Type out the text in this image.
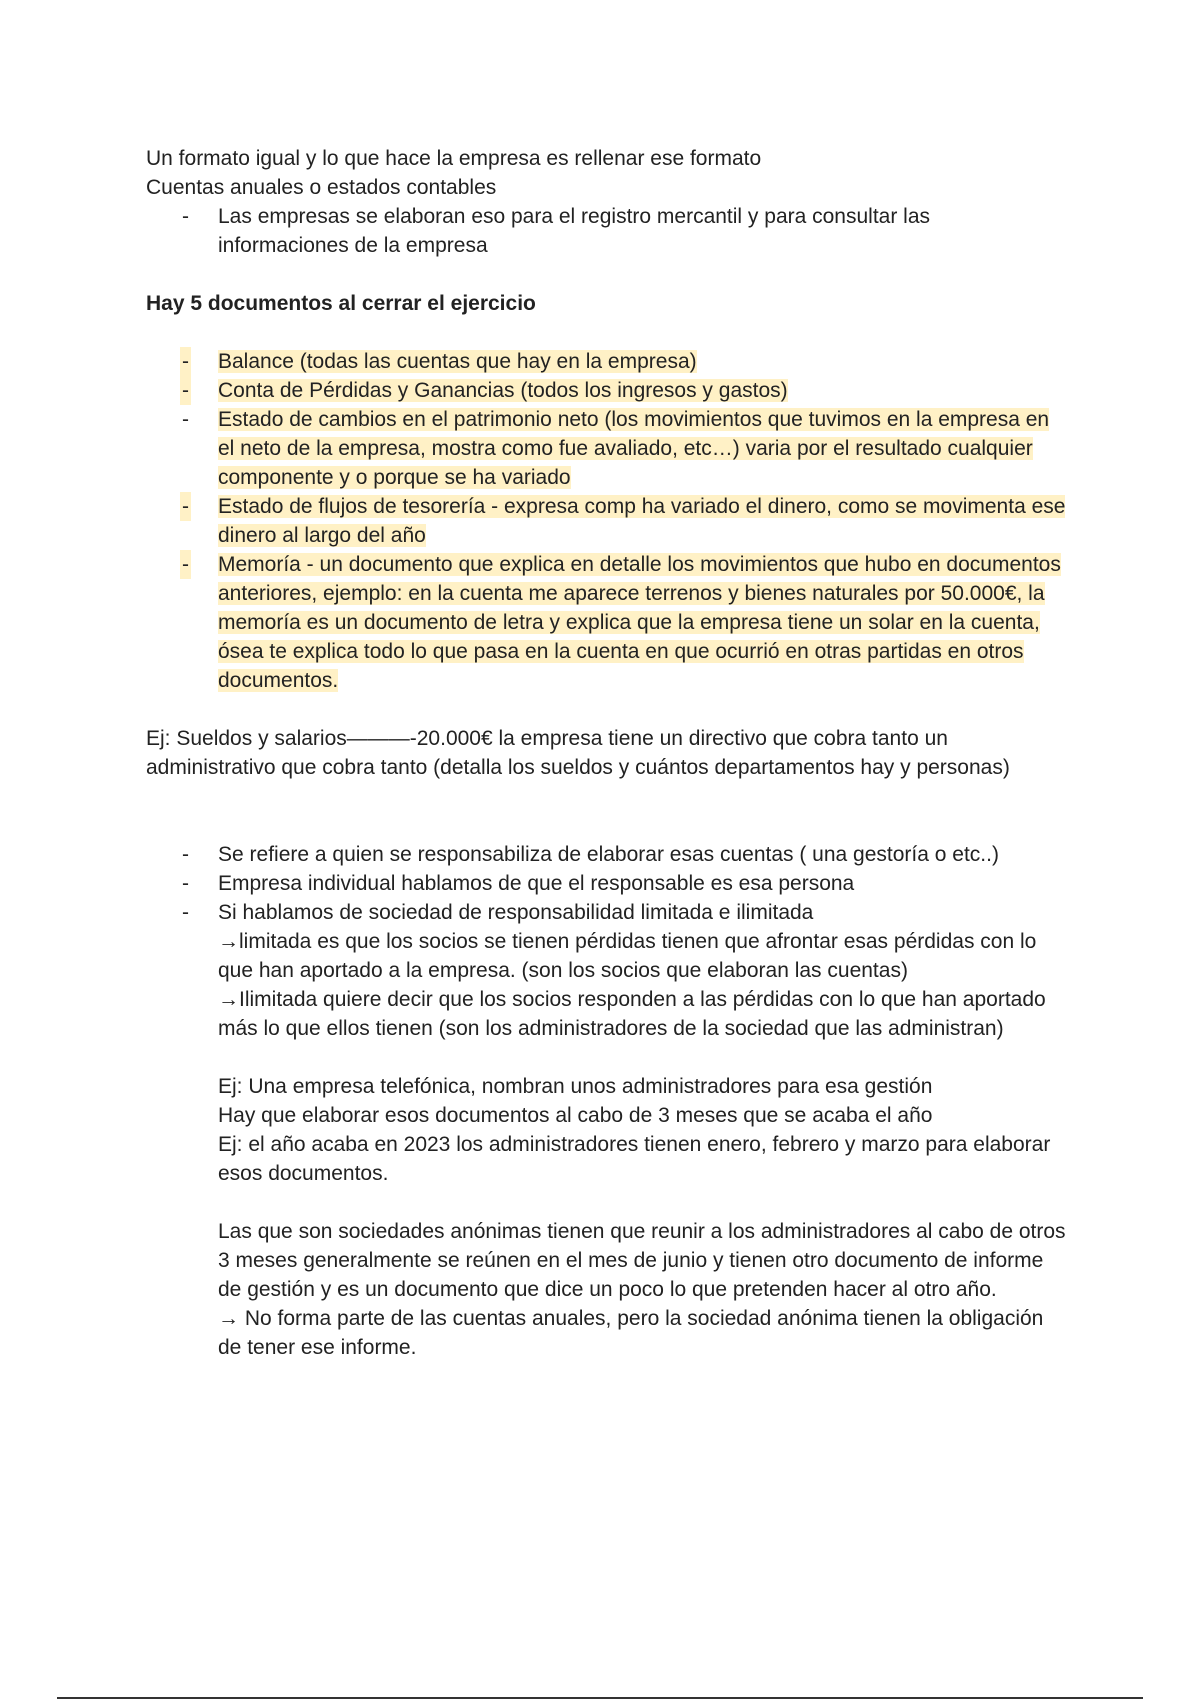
Un formato igual y lo que hace la empresa es rellenar ese formato

Cuentas anuales o estados contables

- Las empresas se elaboran eso para el registro mercantil y para consultar las informaciones de la empresa

Hay 5 documentos al cerrar el ejercicio

- Balance (todas las cuentas que hay en la empresa)
- Conta de Pérdidas y Ganancias (todos los ingresos y gastos)
- Estado de cambios en el patrimonio neto (los movimientos que tuvimos en la empresa en el neto de la empresa, mostra como fue avaliado, etc…) varia por el resultado cualquier componente y o porque se ha variado
- Estado de flujos de tesorería - expresa comp ha variado el dinero, como se movimenta ese dinero al largo del año
- Memoría - un documento que explica en detalle los movimientos que hubo en documentos anteriores, ejemplo: en la cuenta me aparece terrenos y bienes naturales por 50.000€, la memoría es un documento de letra y explica que la empresa tiene un solar en la cuenta, ósea te explica todo lo que pasa en la cuenta en que ocurrió en otras partidas en otros documentos.

Ej: Sueldos y salarios———-20.000€ la empresa tiene un directivo que cobra tanto un administrativo que cobra tanto (detalla los sueldos y cuántos departamentos hay y personas)

- Se refiere a quien se responsabiliza de elaborar esas cuentas ( una gestoría o etc..)
- Empresa individual hablamos de que el responsable es esa persona
- Si hablamos de sociedad de responsabilidad limitada e ilimitada

→limitada es que los socios se tienen pérdidas tienen que afrontar esas pérdidas con lo que han aportado a la empresa. (son los socios que elaboran las cuentas)

→Ilimitada quiere decir que los socios responden a las pérdidas con lo que han aportado más lo que ellos tienen (son los administradores de la sociedad que las administran)

Ej: Una empresa telefónica, nombran unos administradores para esa gestión

Hay que elaborar esos documentos al cabo de 3 meses que se acaba el año

Ej: el año acaba en 2023 los administradores tienen enero, febrero y marzo para elaborar esos documentos.

Las que son sociedades anónimas tienen que reunir a los administradores al cabo de otros 3 meses generalmente se reúnen en el mes de junio y tienen otro documento de informe de gestión y es un documento que dice un poco lo que pretenden hacer al otro año.

→ No forma parte de las cuentas anuales, pero la sociedad anónima tienen la obligación de tener ese informe.
